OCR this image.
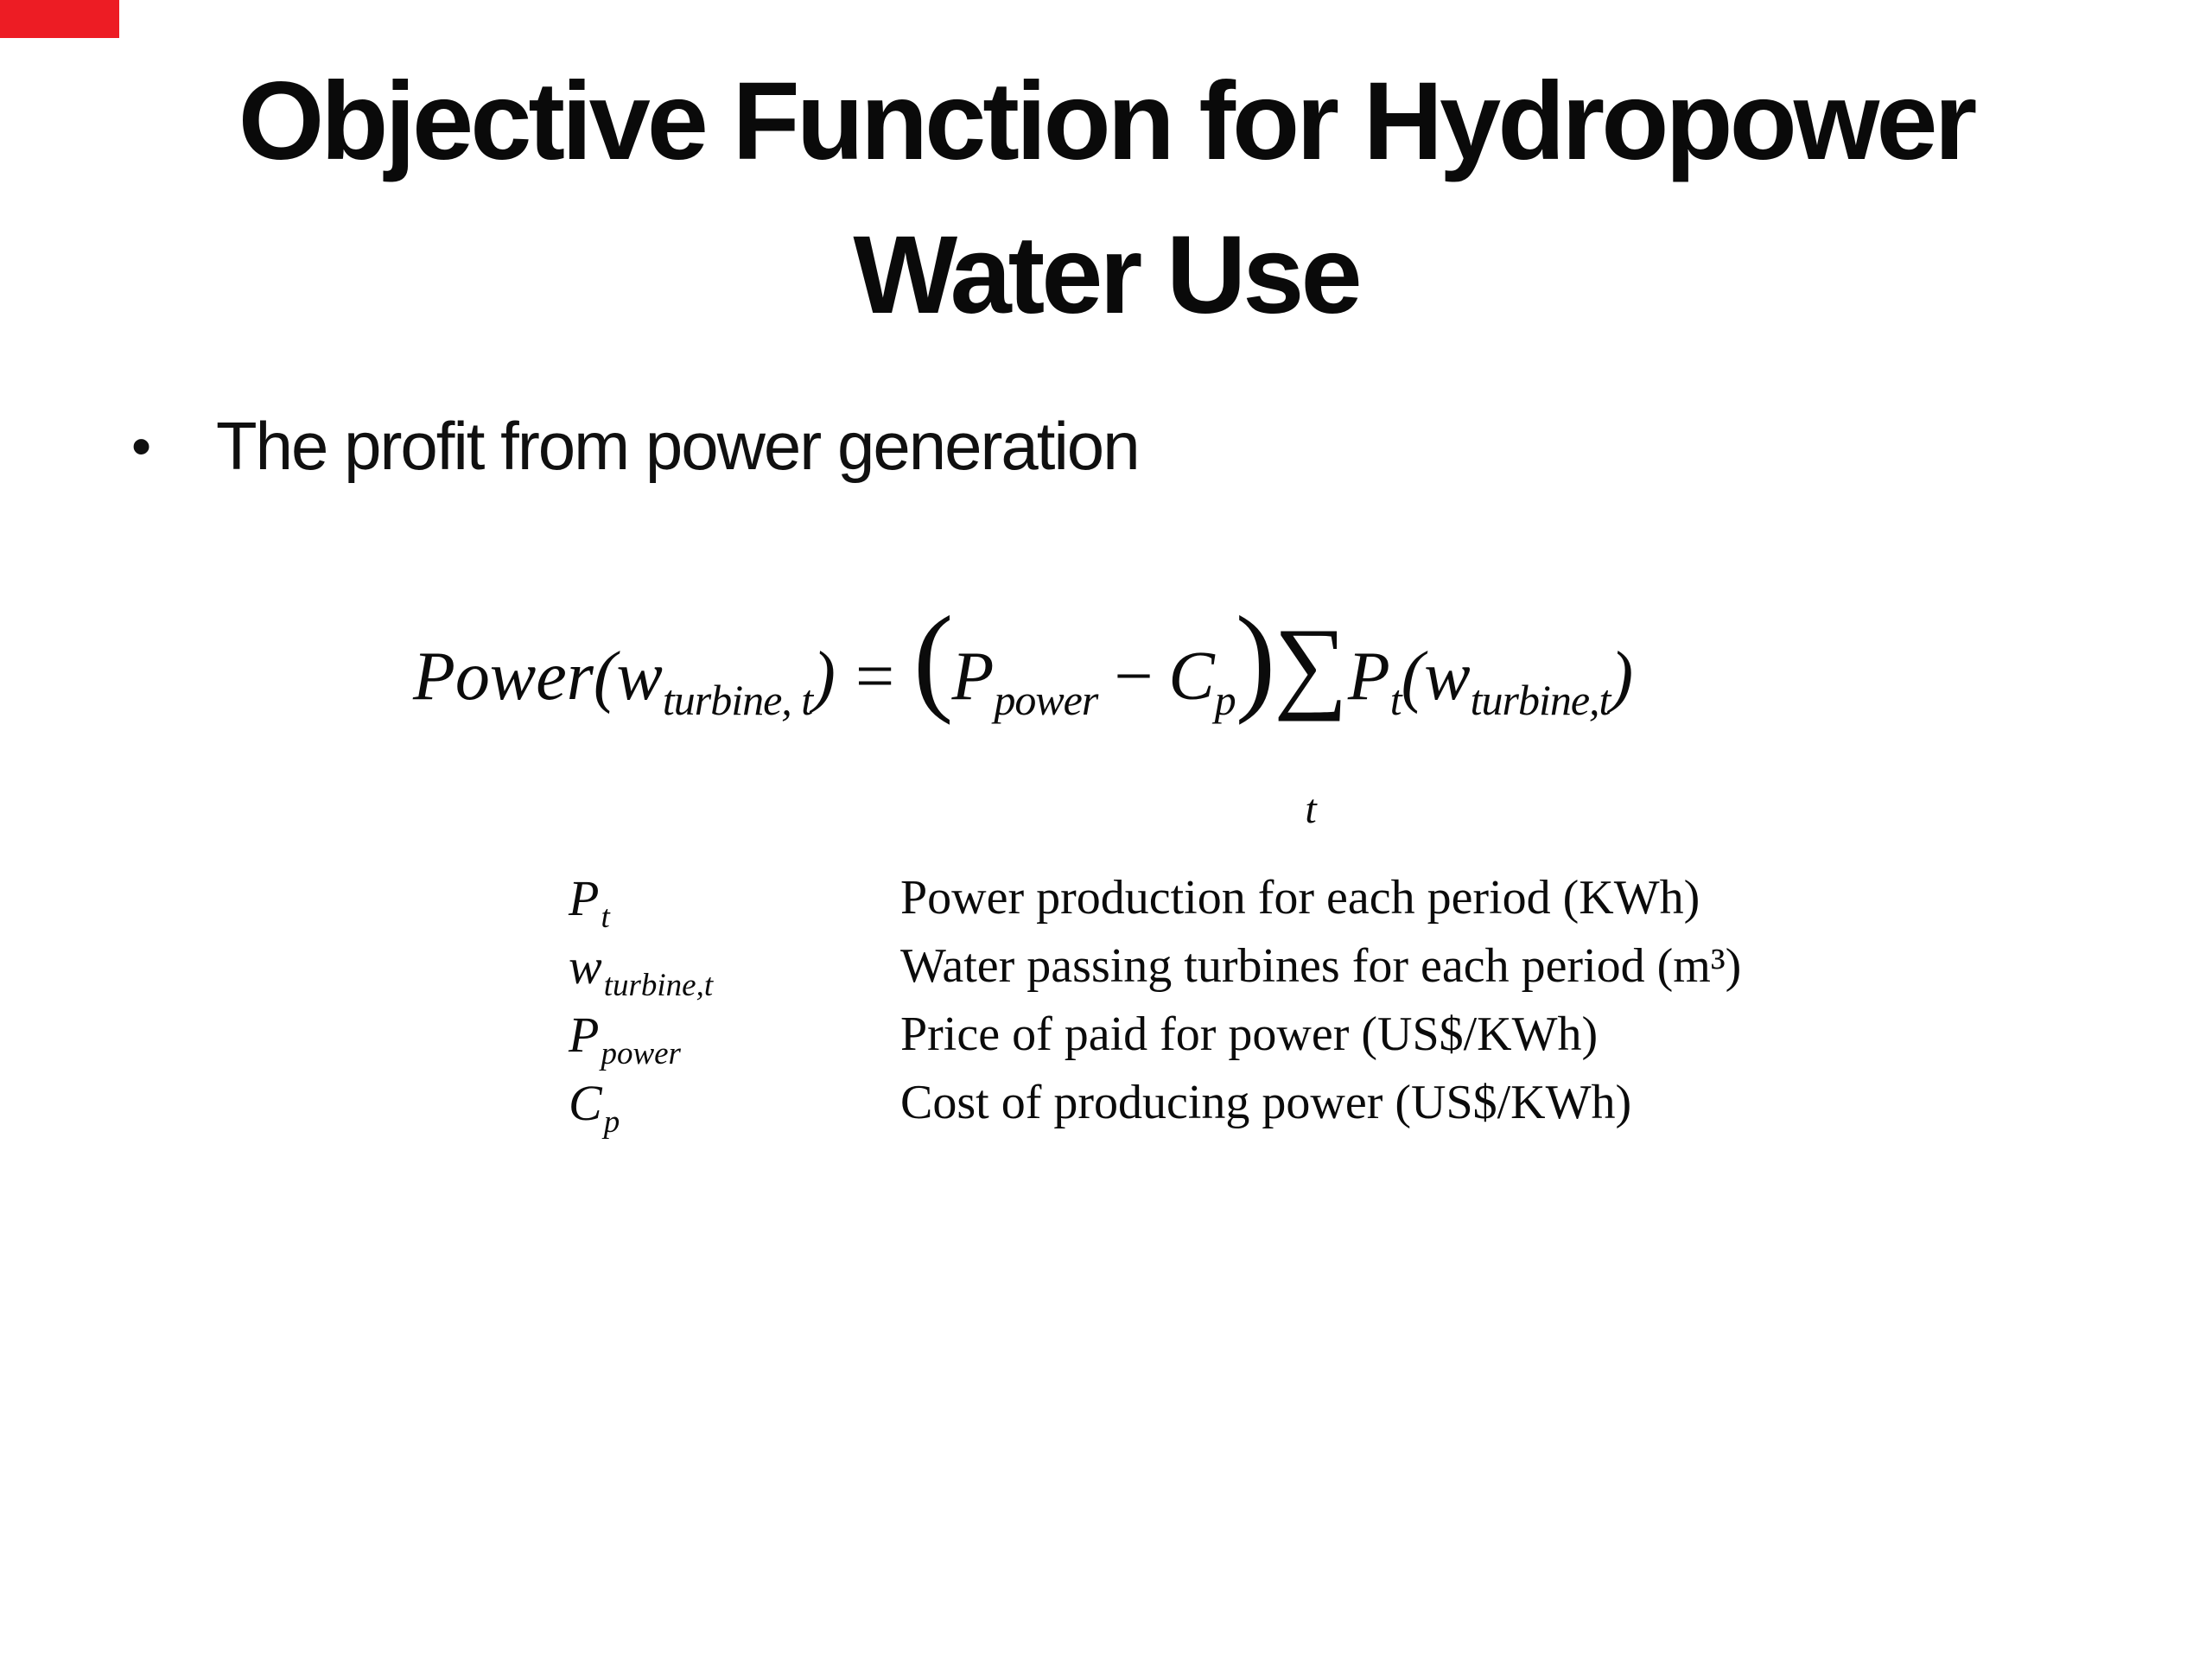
Objective Function for Hydropower
Water Use
• The profit from power generation
$Power(w_{turbine, t}) = (P_{power} - C_p)\sum$
t
$P_t(w_{turbine,t})$
$P_t$	Power production for each period (KWh)
$w_{turbine,t}$	Water passing turbines for each period (m³)
$P_{power}$	Price of paid for power (US$/KWh)
$C_p$	Cost of producing power (US$/KWh)
